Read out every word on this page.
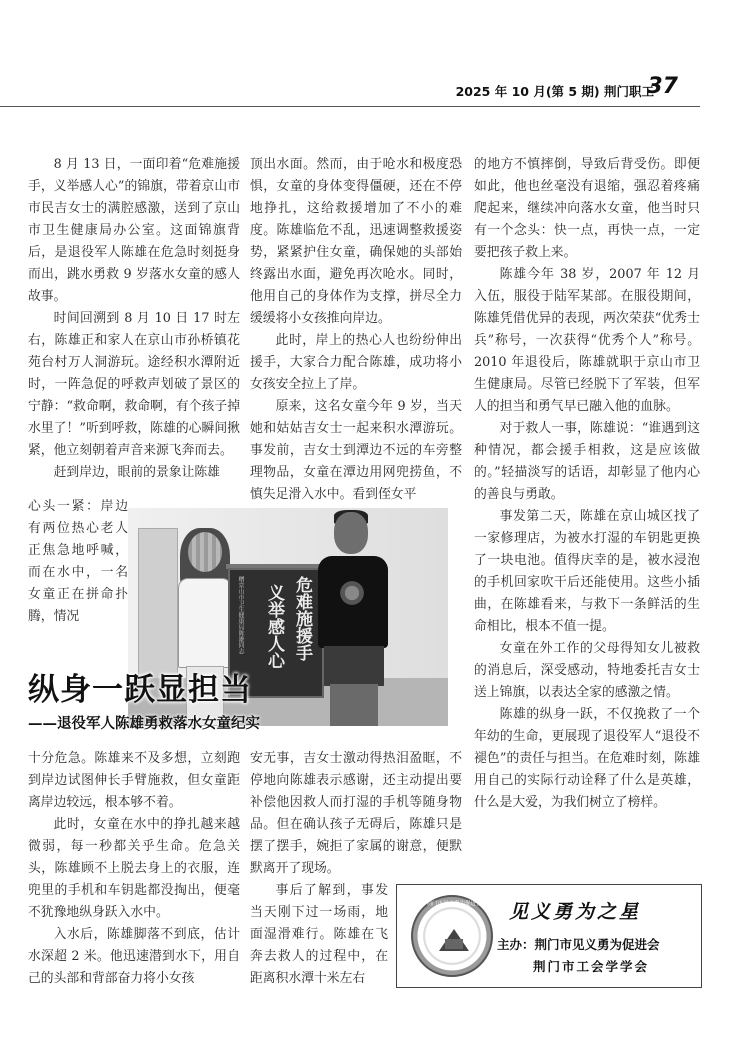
2025 年 10 月(第 5 期) 荆门职工
37

8 月 13 日，一面印着“危难施援手，义举感人心”的锦旗，带着京山市市民吉女士的满腔感激，送到了京山市卫生健康局办公室。这面锦旗背后，是退役军人陈雄在危急时刻挺身而出，跳水勇救 9 岁落水女童的感人故事。

时间回溯到 8 月 10 日 17 时左右，陈雄正和家人在京山市孙桥镇花苑台村万人洞游玩。途经积水潭附近时，一阵急促的呼救声划破了景区的宁静：“救命啊，救命啊，有个孩子掉水里了！”听到呼救，陈雄的心瞬间揪紧，他立刻朝着声音来源飞奔而去。

赶到岸边，眼前的景象让陈雄

心头一紧：岸边有两位热心老人正焦急地呼喊，而在水中，一名女童正在拼命扑腾，情况

顶出水面。然而，由于呛水和极度恐惧，女童的身体变得僵硬，还在不停地挣扎，这给救援增加了不小的难度。陈雄临危不乱，迅速调整救援姿势，紧紧护住女童，确保她的头部始终露出水面，避免再次呛水。同时，他用自己的身体作为支撑，拼尽全力缓缓将小女孩推向岸边。

此时，岸上的热心人也纷纷伸出援手，大家合力配合陈雄，成功将小女孩安全拉上了岸。

原来，这名女童今年 9 岁，当天她和姑姑吉女士一起来积水潭游玩。事发前，吉女士到潭边不远的车旁整理物品，女童在潭边用网兜捞鱼，不慎失足滑入水中。看到侄女平

危难施援手
义举感人心
赠京山市卫生健康局陈雄同志
纵身一跃显担当
——退役军人陈雄勇救落水女童纪实

十分危急。陈雄来不及多想，立刻跑到岸边试图伸长手臂施救，但女童距离岸边较远，根本够不着。

此时，女童在水中的挣扎越来越微弱，每一秒都关乎生命。危急关头，陈雄顾不上脱去身上的衣服，连兜里的手机和车钥匙都没掏出，便毫不犹豫地纵身跃入水中。

入水后，陈雄脚落不到底，估计水深超 2 米。他迅速潜到水下，用自己的头部和背部奋力将小女孩

安无事，吉女士激动得热泪盈眶，不停地向陈雄表示感谢，还主动提出要补偿他因救人而打湿的手机等随身物品。但在确认孩子无碍后，陈雄只是摆了摆手，婉拒了家属的谢意，便默默离开了现场。

事后了解到，事发当天刚下过一场雨，地面湿滑难行。陈雄在飞奔去救人的过程中，在距离积水潭十米左右

的地方不慎摔倒，导致后背受伤。即便如此，他也丝毫没有退缩，强忍着疼痛爬起来，继续冲向落水女童，他当时只有一个念头：快一点，再快一点，一定要把孩子救上来。

陈雄今年 38 岁，2007 年 12 月入伍，服役于陆军某部。在服役期间，陈雄凭借优异的表现，两次荣获“优秀士兵”称号，一次获得“优秀个人”称号。2010 年退役后，陈雄就职于京山市卫生健康局。尽管已经脱下了军装，但军人的担当和勇气早已融入他的血脉。

对于救人一事，陈雄说：“谁遇到这种情况，都会援手相救，这是应该做的。”轻描淡写的话语，却彰显了他内心的善良与勇敢。

事发第二天，陈雄在京山城区找了一家修理店，为被水打湿的车钥匙更换了一块电池。值得庆幸的是，被水浸泡的手机回家吹干后还能使用。这些小插曲，在陈雄看来，与救下一条鲜活的生命相比，根本不值一提。

女童在外工作的父母得知女儿被救的消息后，深受感动，特地委托吉女士送上锦旗，以表达全家的感激之情。

陈雄的纵身一跃，不仅挽救了一个年幼的生命，更展现了退役军人“退役不褪色”的责任与担当。在危难时刻，陈雄用自己的实际行动诠释了什么是英雄，什么是大爱，为我们树立了榜样。

荆门市见义勇为促进会	见义勇为之星
主办：荆门市见义勇为促进会
荆门市工会学学会
